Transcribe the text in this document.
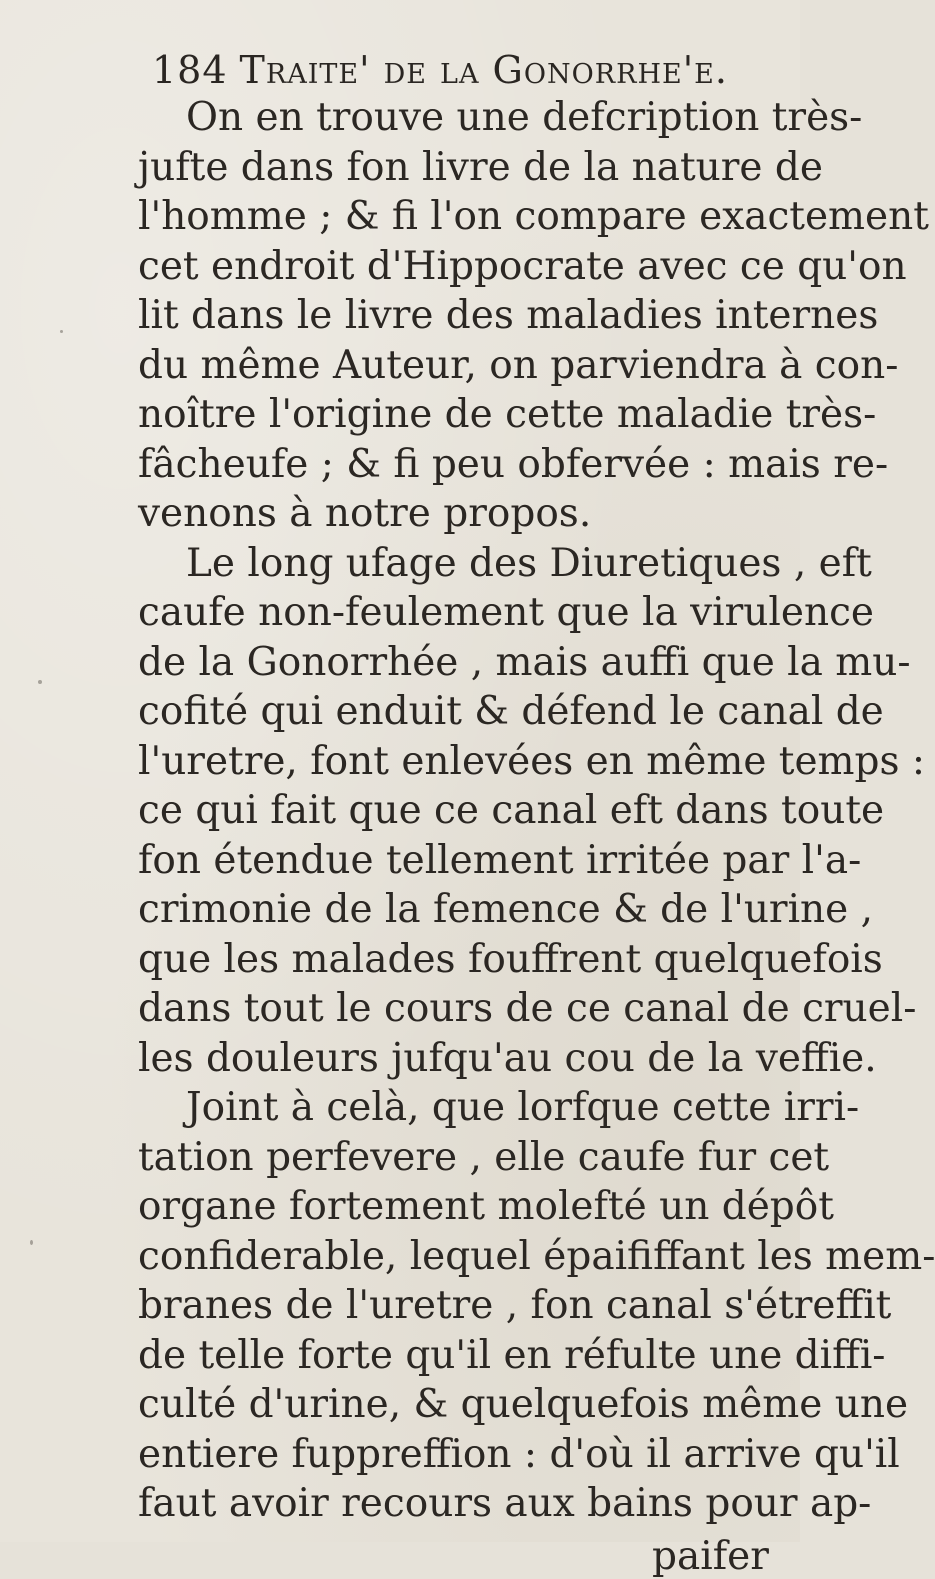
184 Traite' de la Gonorrhe'e.
On en trouve une defcription très-
jufte dans fon livre de la nature de
l'homme ; & fi l'on compare exactement
cet endroit d'Hippocrate avec ce qu'on
lit dans le livre des maladies internes
du même Auteur, on parviendra à con-
noître l'origine de cette maladie très-
fâcheufe ; & fi peu obfervée : mais re-
venons à notre propos.
Le long ufage des Diuretiques , eft
caufe non-feulement que la virulence
de la Gonorrhée , mais auffi que la mu-
cofité qui enduit & défend le canal de
l'uretre, font enlevées en même temps :
ce qui fait que ce canal eft dans toute
fon étendue tellement irritée par l'a-
crimonie de la femence & de l'urine ,
que les malades fouffrent quelquefois
dans tout le cours de ce canal de cruel-
les douleurs jufqu'au cou de la veffie.
Joint à celà, que lorfque cette irri-
tation perfevere , elle caufe fur cet
organe fortement molefté un dépôt
confiderable, lequel épaififfant les mem-
branes de l'uretre , fon canal s'étreffit
de telle forte qu'il en réfulte une diffi-
culté d'urine, & quelquefois même une
entiere fuppreffion : d'où il arrive qu'il
faut avoir recours aux bains pour ap-
paifer
